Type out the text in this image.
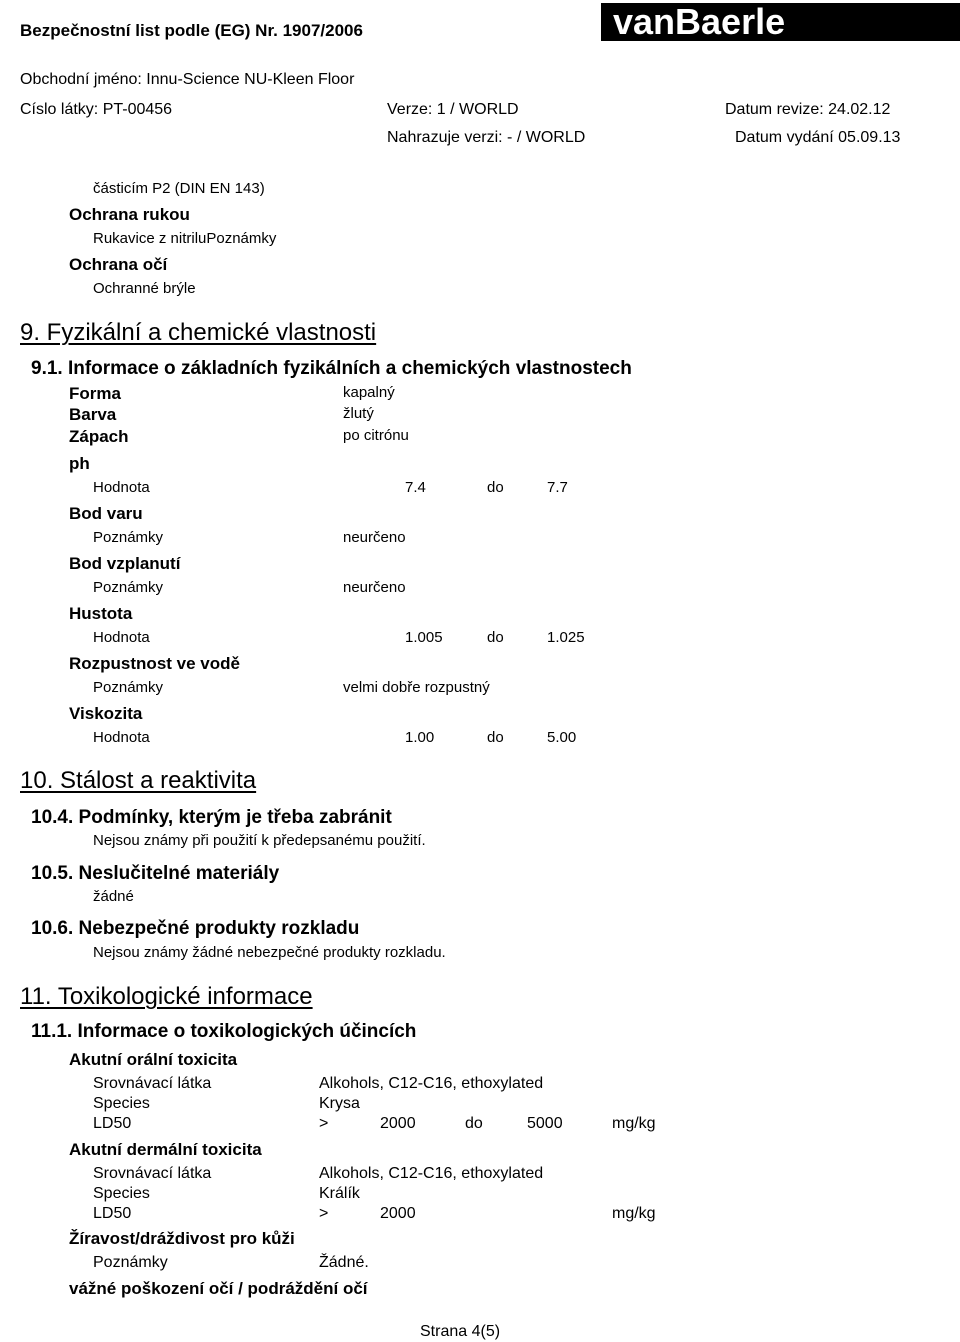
Bezpečnostní list podle (EG) Nr. 1907/2006	vanBaerle
Obchodní jméno: Innu-Science NU-Kleen Floor
Císlo látky: PT-00456	Verze: 1 / WORLD	Datum revize: 24.02.12
Nahrazuje verzi: - / WORLD	Datum vydání 05.09.13
částicím P2 (DIN EN 143)
Ochrana rukou
Rukavice z nitriluPoznámky
Ochrana očí
Ochranné brýle
9. Fyzikální a chemické vlastnosti
9.1. Informace o základních fyzikálních a chemických vlastnostech
Forma	kapalný
Barva	žlutý
Zápach	po citrónu
ph
Hodnota	7.4	do	7.7
Bod varu
Poznámky	neurčeno
Bod vzplanutí
Poznámky	neurčeno
Hustota
Hodnota	1.005	do	1.025
Rozpustnost ve vodě
Poznámky	velmi dobře rozpustný
Viskozita
Hodnota	1.00	do	5.00
10. Stálost a reaktivita
10.4. Podmínky, kterým je třeba zabránit
Nejsou známy při použití k předepsanému použití.
10.5. Neslučitelné materiály
žádné
10.6. Nebezpečné produkty rozkladu
Nejsou známy žádné nebezpečné produkty rozkladu.
11. Toxikologické informace
11.1. Informace o toxikologických účincích
Akutní orální toxicita
Srovnávací látka	Alkohols, C12-C16, ethoxylated
Species	Krysa
LD50	>	2000	do	5000	mg/kg
Akutní dermální toxicita
Srovnávací látka	Alkohols, C12-C16, ethoxylated
Species	Králík
LD50	>	2000	mg/kg
Žíravost/dráždivost pro kůži
Poznámky	Žádné.
vážné poškození očí / podráždění očí
Strana 4(5)
